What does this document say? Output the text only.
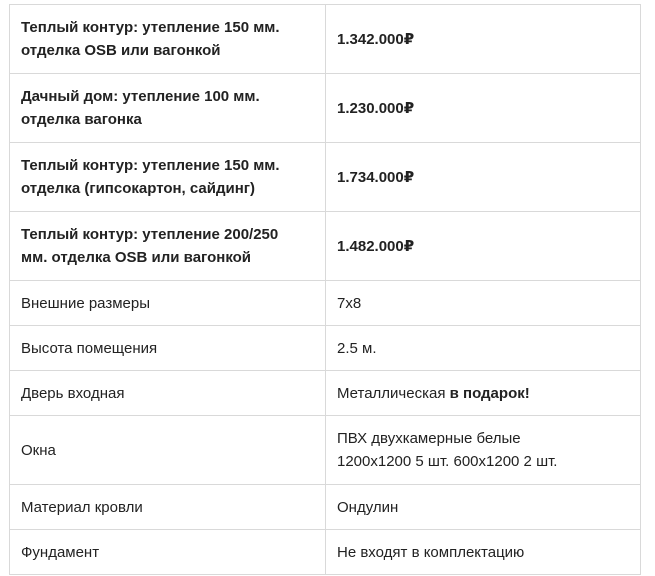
Теплый контур: утепление 150 мм.
отделка OSB или вагонкой	1.342.000₽
Дачный дом: утепление 100 мм.
отделка вагонка	1.230.000₽
Теплый контур: утепление 150 мм.
отделка (гипсокартон, сайдинг)	1.734.000₽
Теплый контур: утепление 200/250
мм. отделка OSB или вагонкой	1.482.000₽
Внешние размеры	7x8
Высота помещения	2.5 м.
Дверь входная	Металлическая в подарок!
Окна	ПВХ двухкамерные белые
1200x1200 5 шт. 600x1200 2 шт.
Материал кровли	Ондулин
Фундамент	Не входят в комплектацию
